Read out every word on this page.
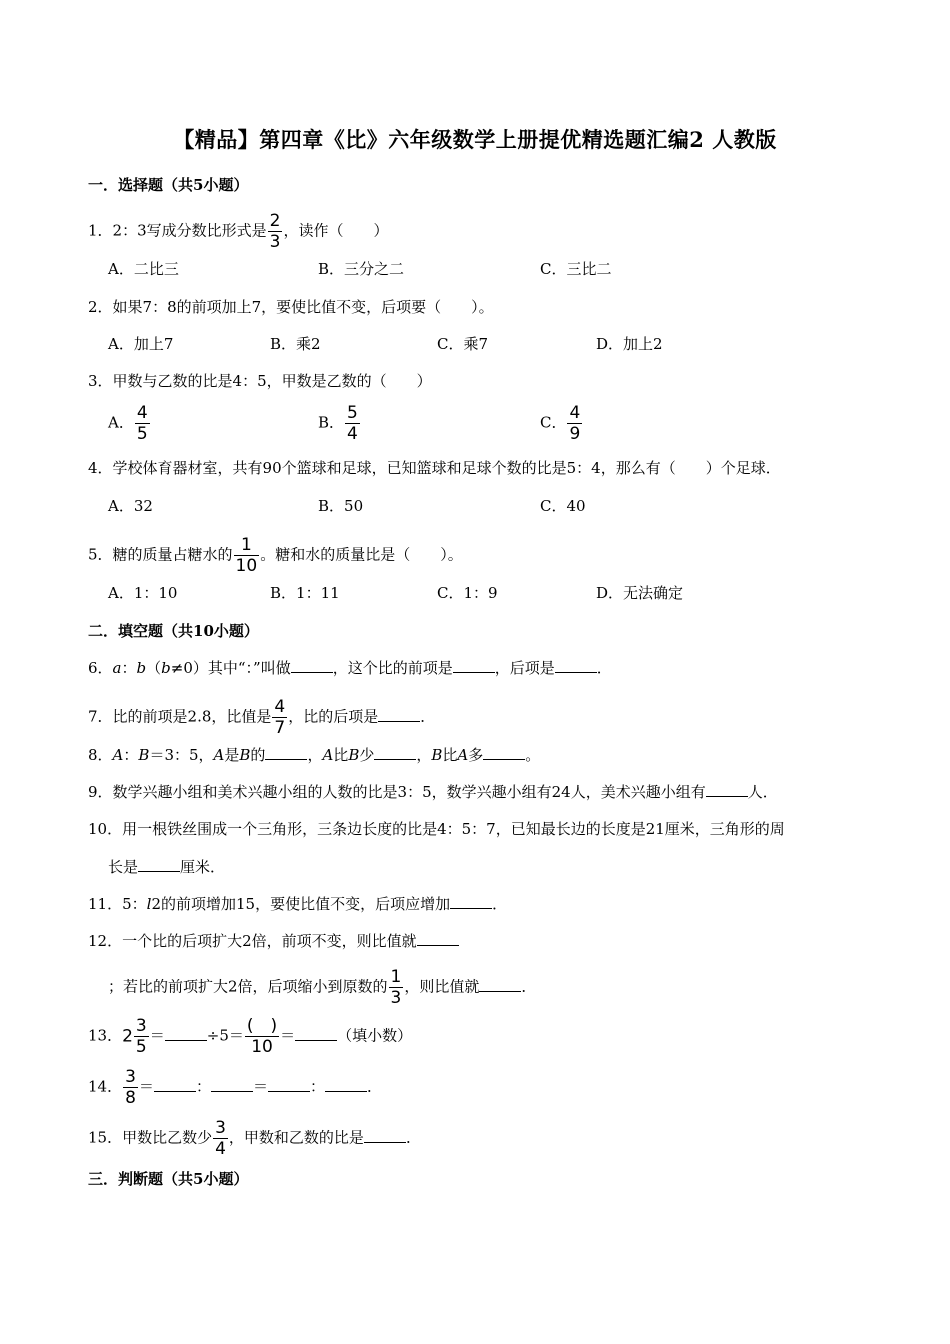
【精品】第四章《比》六年级数学上册提优精选题汇编2 人教版
一．选择题（共5小题）
1．2：3写成分数比形式是 $\frac{2}{3}$ ，读作（　　）
A．二比三	B．三分之二	C．三比二
2．如果7：8的前项加上7，要使比值不变，后项要（　　）。
A．加上7	B．乘2	C．乘7	D．加上2
3．甲数与乙数的比是4：5，甲数是乙数的（　　）
A． $\frac{4}{5}$	B． $\frac{5}{4}$	C． $\frac{4}{9}$
4．学校体育器材室，共有90个篮球和足球，已知篮球和足球个数的比是5：4，那么有（　　）个足球．
A．32	B．50	C．40
5．糖的质量占糖水的 $\frac{1}{10}$ 。糖和水的质量比是（　　）。
A．1：10	B．1：11	C．1：9	D．无法确定
二．填空题（共10小题）
6．a：b（b≠0）其中“：”叫做	，这个比的前项是	，后项是	．
7．比的前项是2.8，比值是 $\frac{4}{7}$ ，比的后项是	．
8．A：B＝3：5，A是B的	，A比B少	，B比A多	。
9．数学兴趣小组和美术兴趣小组的人数的比是3：5，数学兴趣小组有24人，美术兴趣小组有	人．
10．用一根铁丝围成一个三角形，三条边长度的比是4：5：7，已知最长边的长度是21厘米，三角形的周
长是	厘米．
11．5：l2的前项增加15，要使比值不变，后项应增加	．
12．一个比的后项扩大2倍，前项不变，则比值就
；若比的前项扩大2倍，后项缩小到原数的 $\frac{1}{3}$ ，则比值就	．
13．$2 \frac{3}{5}$ ＝	$\div 5= \frac{( )}{10}$ ＝	（填小数）
14． $\frac{3}{8}$ ＝	：	＝	：	．
15．甲数比乙数少 $\frac{3}{4}$ ，甲数和乙数的比是	．
三．判断题（共5小题）
